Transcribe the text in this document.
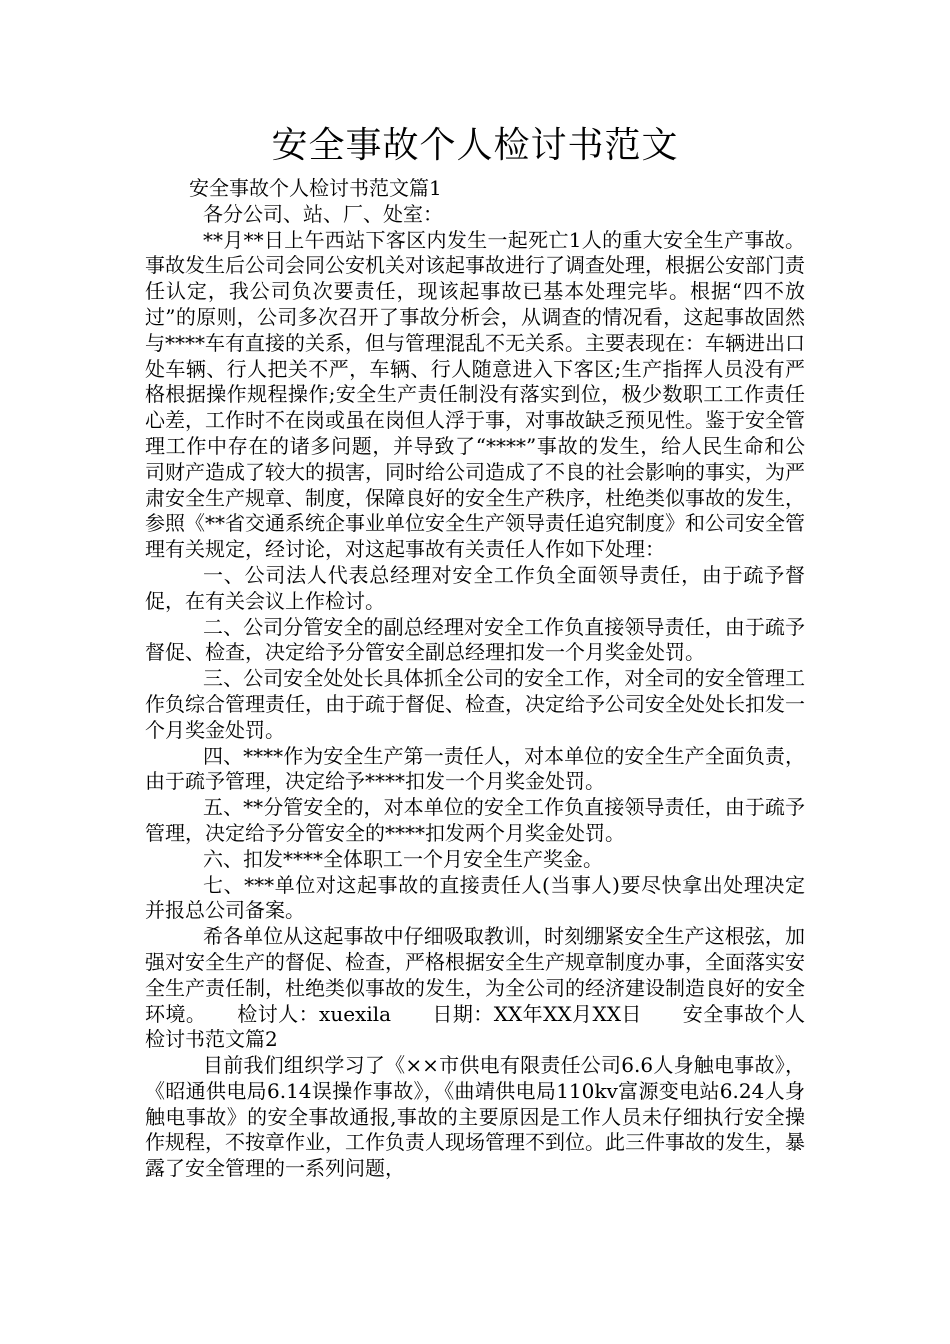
安全事故个人检讨书范文

安全事故个人检讨书范文篇1

各分公司、站、厂、处室：

**月**日上午西站下客区内发生一起死亡1人的重大安全生产事故。事故发生后公司会同公安机关对该起事故进行了调查处理，根据公安部门责任认定，我公司负次要责任，现该起事故已基本处理完毕。根据“四不放过”的原则，公司多次召开了事故分析会，从调查的情况看，这起事故固然与****车有直接的关系，但与管理混乱不无关系。主要表现在：车辆进出口处车辆、行人把关不严，车辆、行人随意进入下客区;生产指挥人员没有严格根据操作规程操作;安全生产责任制没有落实到位，极少数职工工作责任心差，工作时不在岗或虽在岗但人浮于事，对事故缺乏预见性。鉴于安全管理工作中存在的诸多问题，并导致了“****”事故的发生，给人民生命和公司财产造成了较大的损害，同时给公司造成了不良的社会影响的事实，为严肃安全生产规章、制度，保障良好的安全生产秩序，杜绝类似事故的发生，参照《**省交通系统企事业单位安全生产领导责任追究制度》和公司安全管理有关规定，经讨论，对这起事故有关责任人作如下处理：

一、公司法人代表总经理对安全工作负全面领导责任，由于疏予督促，在有关会议上作检讨。

二、公司分管安全的副总经理对安全工作负直接领导责任，由于疏予督促、检查，决定给予分管安全副总经理扣发一个月奖金处罚。

三、公司安全处处长具体抓全公司的安全工作，对全司的安全管理工作负综合管理责任，由于疏于督促、检查，决定给予公司安全处处长扣发一个月奖金处罚。

四、****作为安全生产第一责任人，对本单位的安全生产全面负责，由于疏予管理，决定给予****扣发一个月奖金处罚。

五、**分管安全的，对本单位的安全工作负直接领导责任，由于疏予管理，决定给予分管安全的****扣发两个月奖金处罚。

六、扣发****全体职工一个月安全生产奖金。

七、***单位对这起事故的直接责任人(当事人)要尽快拿出处理决定并报总公司备案。

希各单位从这起事故中仔细吸取教训，时刻绷紧安全生产这根弦，加强对安全生产的督促、检查，严格根据安全生产规章制度办事，全面落实安全生产责任制，杜绝类似事故的发生，为全公司的经济建设制造良好的安全环境。　　检讨人：xuexila　　日期：XX年XX月XX日　　安全事故个人检讨书范文篇2

目前我们组织学习了《××市供电有限责任公司6.6人身触电事故》，《昭通供电局6.14误操作事故》，《曲靖供电局110kv富源变电站6.24人身触电事故》的安全事故通报,事故的主要原因是工作人员未仔细执行安全操作规程，不按章作业，工作负责人现场管理不到位。此三件事故的发生，暴露了安全管理的一系列问题，
